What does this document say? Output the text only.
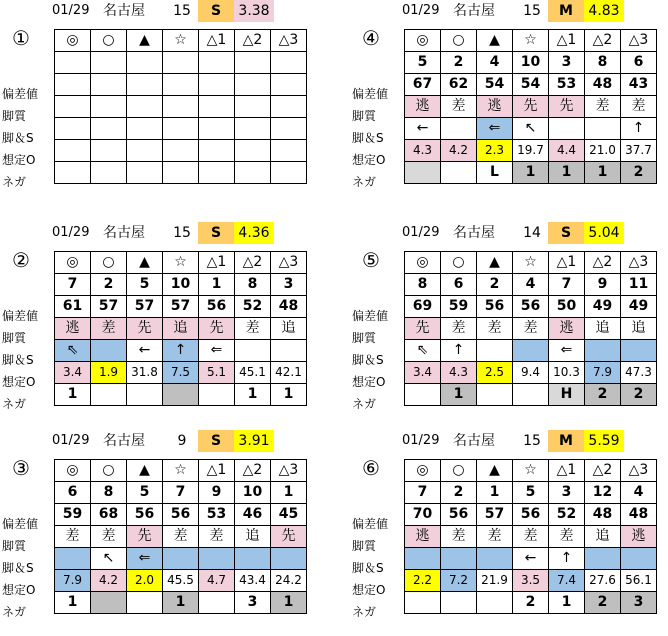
01/29 名古屋 15	S	3.38
①
偏差値
脚質
脚＆S
想定O
ネガ
◎	○	▲	☆	△1	△2	△3

01/29 名古屋 15	S	4.36
②
偏差値
脚質
脚＆S
想定O
ネガ
◎	○	▲	☆	△1	△2	△3
7	2	5	10	1	8	3
61	57	57	57	56	52	48
逃	差	先	追	先	差	追
⇖		←	↑	⇐		
3.4	1.9	31.8	7.5	5.1	45.1	42.1
1					1	1
01/29 名古屋	9	S	3.91
③
偏差値
脚質
脚＆S
想定O
ネガ
◎	○	▲	☆	△1	△2	△3
6	8	5	7	9	10	1
59	68	56	56	53	46	45
差	差	先	差	差	追	先
	↖	⇐				
7.9	4.2	2.0	45.5	4.7	43.4	24.2
1			1		3	1
01/29 名古屋 15	M	4.83
④
偏差値
脚質
脚＆S
想定O
ネガ
◎	○	▲	☆	△1	△2	△3
5	2	4	10	3	8	6
67	62	54	54	53	48	43
逃	差	逃	先	先	差	差
←		⇐	↖			↑
4.3	4.2	2.3	19.7	4.4	21.0	37.7
		L	1	1	1	2
01/29 名古屋 14	S	5.04
⑤
偏差値
脚質
脚＆S
想定O
ネガ
◎	○	▲	☆	△1	△2	△3
8	6	2	4	7	9	11
69	59	56	56	50	49	49
先	差	差	差	逃	追	追
⇖	↑			⇐		
3.4	4.3	2.5	9.4	10.3	7.9	47.3
	1			H	2	2
01/29 名古屋 15	M	5.59
⑥
偏差値
脚質
脚＆S
想定O
ネガ
◎	○	▲	☆	△1	△2	△3
7	2	1	5	3	12	4
70	56	57	56	52	48	48
逃	差	差	差	差	追	逃
			←	↑		
2.2	7.2	21.9	3.5	7.4	27.6	56.1
			2	1	2	3
